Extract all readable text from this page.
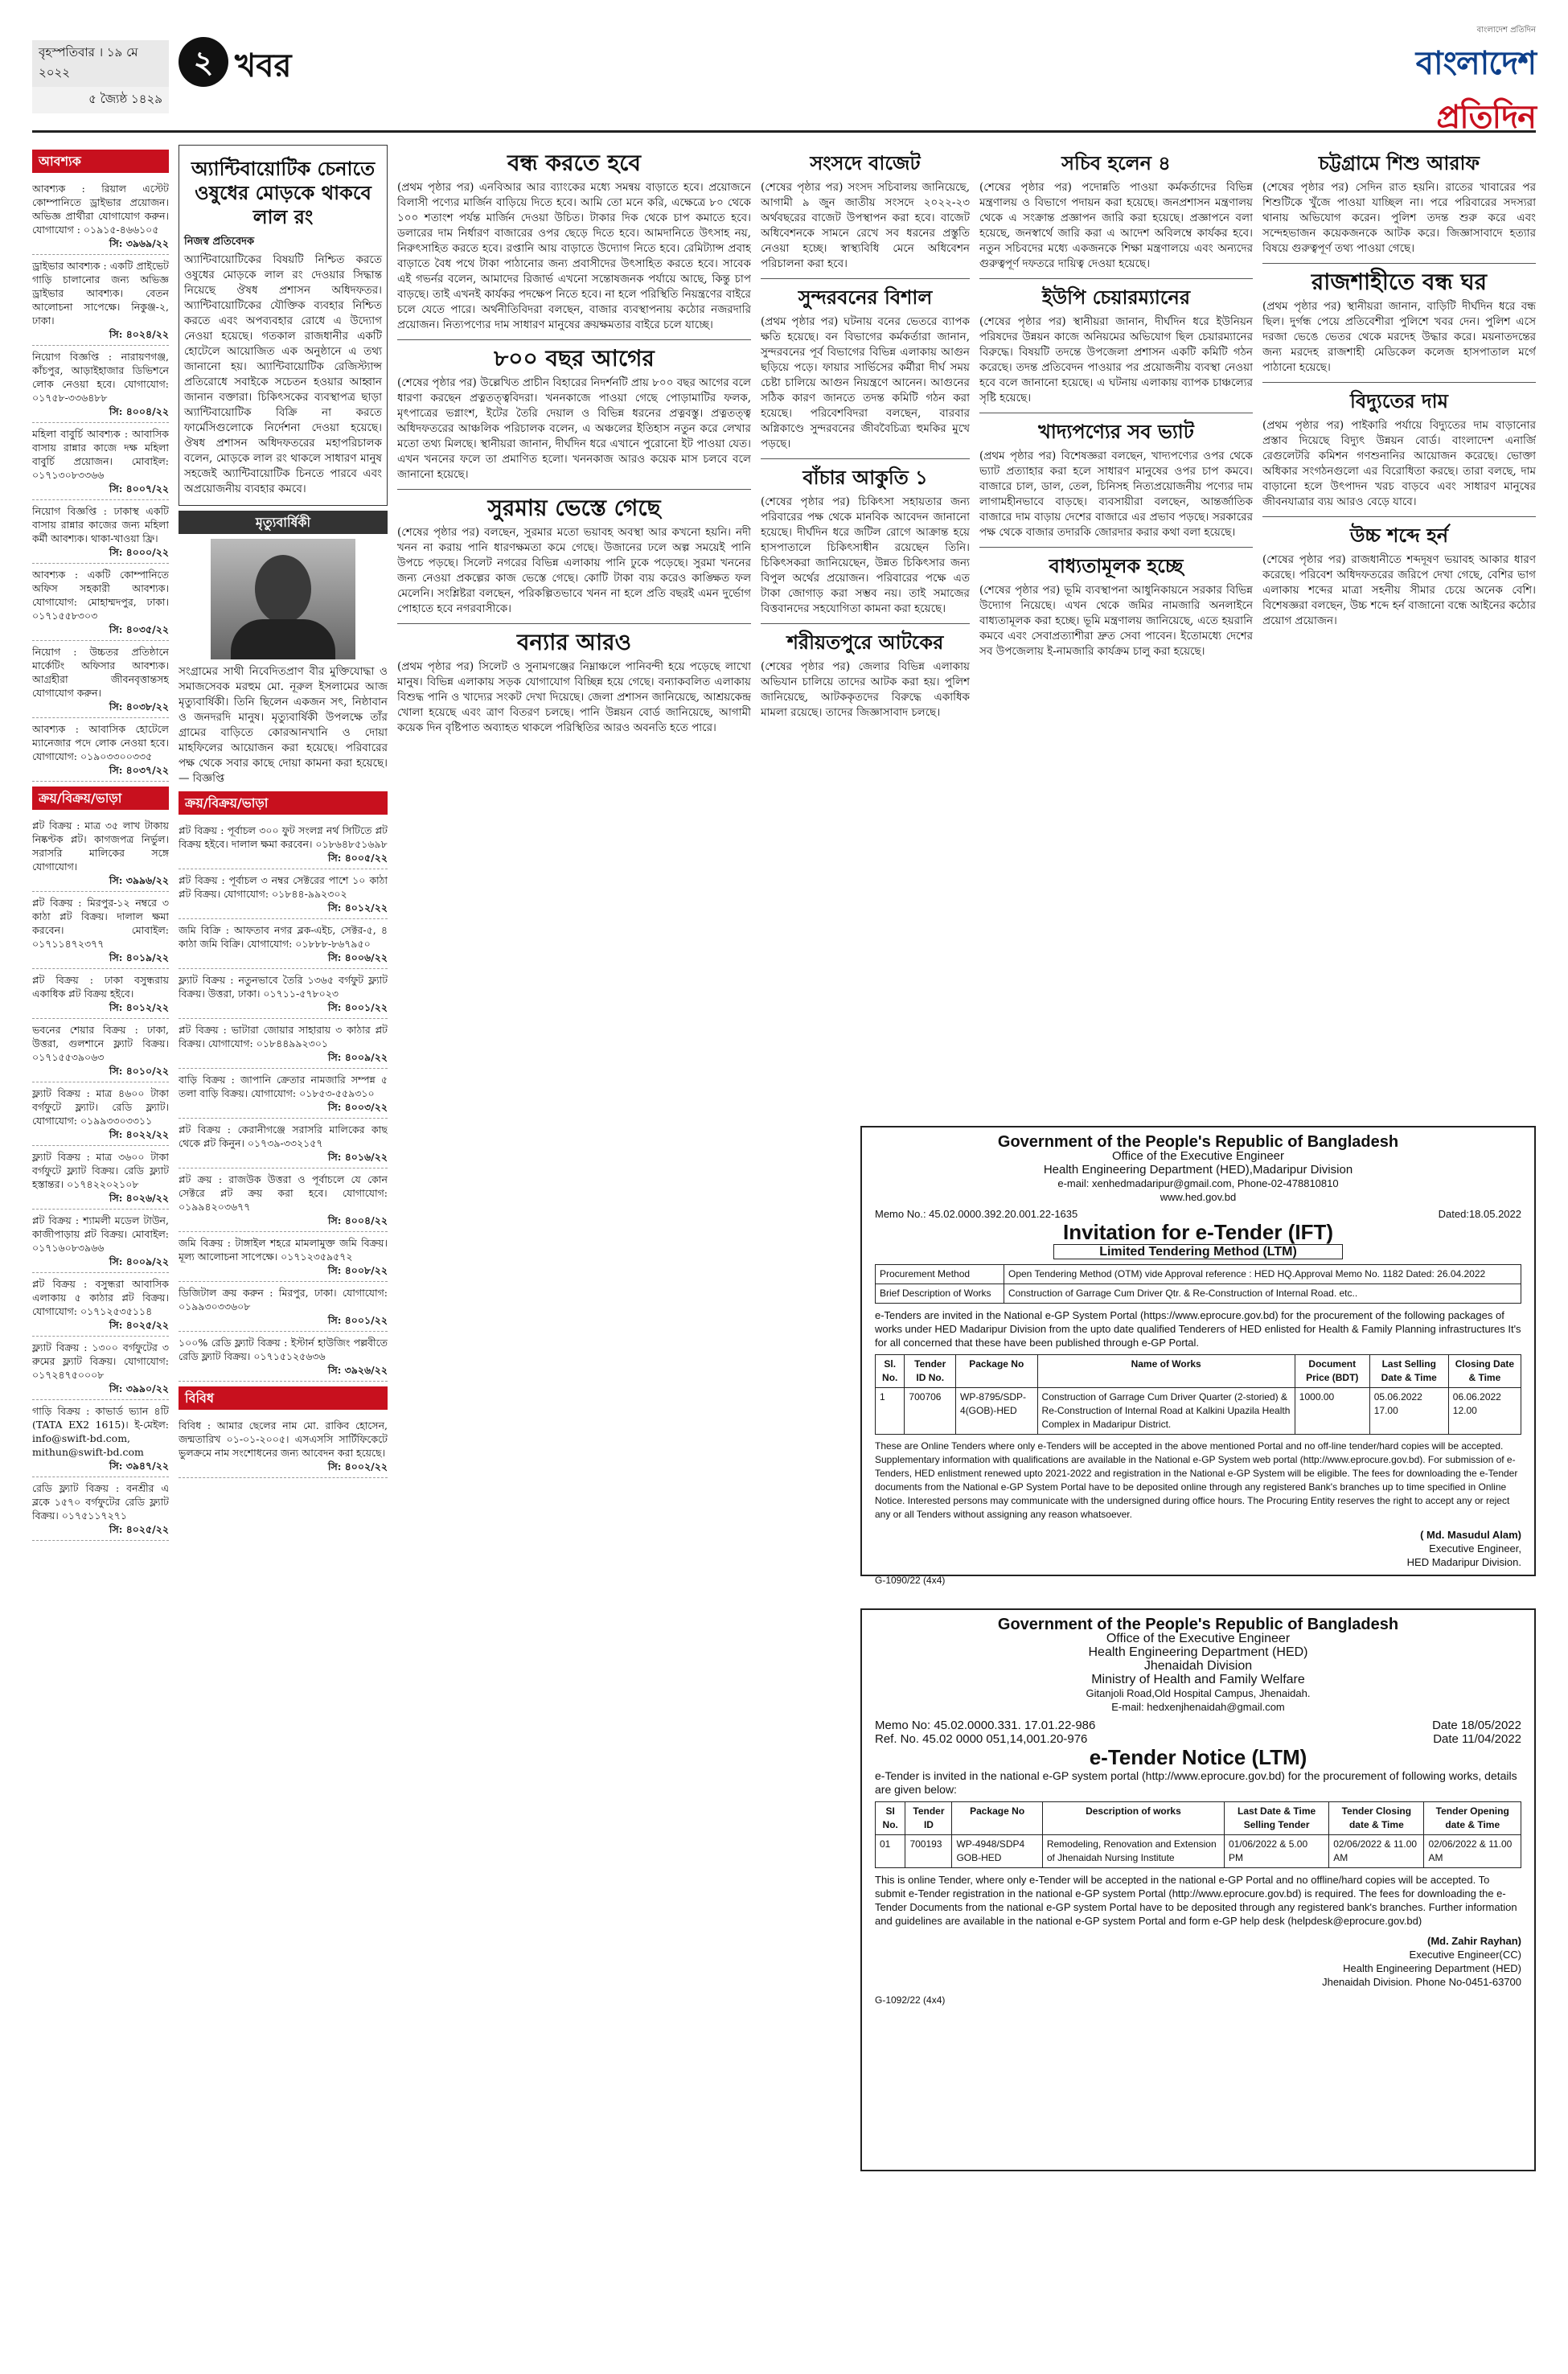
বৃহস্পতিবার । ১৯ মে ২০২২
৫ জ্যৈষ্ঠ ১৪২৯
২ খবর
বাংলাদেশ প্রতিদিন
বাংলাদেশ প্রতিদিন
আবশ্যক
আবশ্যক : রিয়াল এস্টেট কোম্পানিতে ড্রাইভার প্রয়োজন। অভিজ্ঞ প্রার্থীরা যোগাযোগ করুন। যোগাযোগ : ০১৯১৫-৪৬৬১০৫
সি: ৩৯৬৯/২২
ড্রাইভার আবশ্যক : একটি প্রাইভেট গাড়ি চালানোর জন্য অভিজ্ঞ ড্রাইভার আবশ্যক। বেতন আলোচনা সাপেক্ষে। নিকুঞ্জ-২, ঢাকা।
সি: ৪০২৪/২২
নিয়োগ বিজ্ঞপ্তি : নারায়ণগঞ্জ, কাঁচপুর, আড়াইহাজার ডিভিশনে লোক নেওয়া হবে। যোগাযোগ: ০১৭৫৮-৩৩৬৪৮৮
সি: ৪০০৪/২২
মহিলা বাবুর্চি আবশ্যক : আবাসিক বাসায় রান্নার কাজে দক্ষ মহিলা বাবুর্চি প্রয়োজন। মোবাইল: ০১৭১৩০৮৩৩৬৬
সি: ৪০০৭/২২
নিয়োগ বিজ্ঞপ্তি : ঢাকাস্থ একটি বাসায় রান্নার কাজের জন্য মহিলা কর্মী আবশ্যক। থাকা-খাওয়া ফ্রি।
সি: ৪০০০/২২
আবশ্যক : একটি কোম্পানিতে অফিস সহকারী আবশ্যক। যোগাযোগ: মোহাম্মদপুর, ঢাকা। ০১৭১৫৫৮৩০৩
সি: ৪০৩৫/২২
নিয়োগ : উচ্চতর প্রতিষ্ঠানে মার্কেটিং অফিসার আবশ্যক। আগ্রহীরা জীবনবৃত্তান্তসহ যোগাযোগ করুন।
সি: ৪০৩৮/২২
আবশ্যক : আবাসিক হোটেলে ম্যানেজার পদে লোক নেওয়া হবে। যোগাযোগ: ০১৯০৩৩০০৩৩৫
সি: ৪০৩৭/২২
ক্রয়/বিক্রয়/ভাড়া
প্লট বিক্রয় : মাত্র ৩৫ লাখ টাকায় নিষ্কণ্টক প্লট। কাগজপত্র নির্ভুল। সরাসরি মালিকের সঙ্গে যোগাযোগ।
সি: ৩৯৯৬/২২
প্লট বিক্রয় : মিরপুর-১২ নম্বরে ৩ কাঠা প্লট বিক্রয়। দালাল ক্ষমা করবেন। মোবাইল: ০১৭১১৪৭২৩৭৭
সি: ৪০১৯/২২
প্লট বিক্রয় : ঢাকা বসুন্ধরায় একাধিক প্লট বিক্রয় হইবে।
সি: ৪০১২/২২
ভবনের শেয়ার বিক্রয় : ঢাকা, উত্তরা, গুলশানে ফ্ল্যাট বিক্রয়। ০১৭১৫৫৩৯০৬৩
সি: ৪০১০/২২
ফ্ল্যাট বিক্রয় : মাত্র ৪৬০০ টাকা বর্গফুটে ফ্ল্যাট। রেডি ফ্ল্যাট। যোগাযোগ: ০১৯৯৩৩০৩৩১১
সি: ৪০২২/২২
ফ্ল্যাট বিক্রয় : মাত্র ৩৬০০ টাকা বর্গফুটে ফ্ল্যাট বিক্রয়। রেডি ফ্ল্যাট হস্তান্তর। ০১৭৪২২০২১০৮
সি: ৪০২৬/২২
প্লট বিক্রয় : শ্যামলী মডেল টাউন, কাজীপাড়ায় প্লট বিক্রয়। মোবাইল: ০১৭১৬০৮৩৯৬৬
সি: ৪০০৯/২২
প্লট বিক্রয় : বসুন্ধরা আবাসিক এলাকায় ৫ কাঠার প্লট বিক্রয়। যোগাযোগ: ০১৭১২৫৩৫১১৪
সি: ৪০২৫/২২
ফ্ল্যাট বিক্রয় : ১৩০০ বর্গফুটের ৩ রুমের ফ্ল্যাট বিক্রয়। যোগাযোগ: ০১৭২৪৭৫০০০৮
সি: ৩৯৯০/২২
গাড়ি বিক্রয় : কাভার্ড ভ্যান ৪টি (TATA EX2 1615)। ই-মেইল: info@swift-bd.com, mithun@swift-bd.com
সি: ৩৯৪৭/২২
রেডি ফ্ল্যাট বিক্রয় : বনশ্রীর এ ব্লকে ১৫৭০ বর্গফুটের রেডি ফ্ল্যাট বিক্রয়। ০১৭৫১১৭২৭১
সি: ৪০২৫/২২
অ্যান্টিবায়োটিক চেনাতে ওষুধের মোড়কে থাকবে লাল রং
নিজস্ব প্রতিবেদক

অ্যান্টিবায়োটিকের বিষয়টি নিশ্চিত করতে ওষুধের মোড়কে লাল রং দেওয়ার সিদ্ধান্ত নিয়েছে ঔষধ প্রশাসন অধিদফতর। অ্যান্টিবায়োটিকের যৌক্তিক ব্যবহার নিশ্চিত করতে এবং অপব্যবহার রোধে এ উদ্যোগ নেওয়া হয়েছে। গতকাল রাজধানীর একটি হোটেলে আয়োজিত এক অনুষ্ঠানে এ তথ্য জানানো হয়। অ্যান্টিবায়োটিক রেজিস্ট্যান্স প্রতিরোধে সবাইকে সচেতন হওয়ার আহ্বান জানান বক্তারা। চিকিৎসকের ব্যবস্থাপত্র ছাড়া অ্যান্টিবায়োটিক বিক্রি না করতে ফার্মেসিগুলোকে নির্দেশনা দেওয়া হয়েছে। ঔষধ প্রশাসন অধিদফতরের মহাপরিচালক বলেন, মোড়কে লাল রং থাকলে সাধারণ মানুষ সহজেই অ্যান্টিবায়োটিক চিনতে পারবে এবং অপ্রয়োজনীয় ব্যবহার কমবে।

মৃত্যুবার্ষিকী

সংগ্রামের সাথী নিবেদিতপ্রাণ বীর মুক্তিযোদ্ধা ও সমাজসেবক মরহুম মো. নূরুল ইসলামের আজ মৃত্যুবার্ষিকী। তিনি ছিলেন একজন সৎ, নিষ্ঠাবান ও জনদরদি মানুষ। মৃত্যুবার্ষিকী উপলক্ষে তাঁর গ্রামের বাড়িতে কোরআনখানি ও দোয়া মাহফিলের আয়োজন করা হয়েছে। পরিবারের পক্ষ থেকে সবার কাছে দোয়া কামনা করা হয়েছে। — বিজ্ঞপ্তি

ক্রয়/বিক্রয়/ভাড়া
প্লট বিক্রয় : পূর্বাচল ৩০০ ফুট সংলগ্ন নর্থ সিটিতে প্লট বিক্রয় হইবে। দালাল ক্ষমা করবেন। ০১৮৬৪৮৫১৬৯৮
সি: ৪০০৫/২২
প্লট বিক্রয় : পূর্বাচল ৩ নম্বর সেক্টরের পাশে ১০ কাঠা প্লট বিক্রয়। যোগাযোগ: ০১৮৪৪-৯৯২৩০২
সি: ৪০১২/২২
জমি বিক্রি : আফতাব নগর ব্লক-এইচ, সেক্টর-৫, ৪ কাঠা জমি বিক্রি। যোগাযোগ: ০১৮৮৮-৮৬৭৯৫০
সি: ৪০০৬/২২
ফ্ল্যাট বিক্রয় : নতুনভাবে তৈরি ১৩৬৫ বর্গফুট ফ্ল্যাট বিক্রয়। উত্তরা, ঢাকা। ০১৭১১-৫৭৮০২৩
সি: ৪০০১/২২
প্লট বিক্রয় : ভাটারা জোয়ার সাহারায় ৩ কাঠার প্লট বিক্রয়। যোগাযোগ: ০১৮৪৪৯৯২৩০১
সি: ৪০০৯/২২
বাড়ি বিক্রয় : জাপানি ক্রেতার নামজারি সম্পন্ন ৫ তলা বাড়ি বিক্রয়। যোগাযোগ: ০১৮৫৩-৫৫৯৩১০
সি: ৪০০৩/২২
প্লট বিক্রয় : কেরানীগঞ্জে সরাসরি মালিকের কাছ থেকে প্লট কিনুন। ০১৭৩৯-৩৩২১৫৭
সি: ৪০১৬/২২
প্লট ক্রয় : রাজউক উত্তরা ও পূর্বাচলে যে কোন সেক্টরে প্লট ক্রয় করা হবে। যোগাযোগ: ০১৯৯৪২০৩৬৭৭
সি: ৪০০৪/২২
জমি বিক্রয় : টাঙ্গাইল শহরে মামলামুক্ত জমি বিক্রয়। মূল্য আলোচনা সাপেক্ষে। ০১৭১২৩৫৯৫৭২
সি: ৪০০৮/২২
ডিজিটাল ক্রয় করুন : মিরপুর, ঢাকা। যোগাযোগ: ০১৯৯৩০৩৩৬০৮
সি: ৪০০১/২২
১০০% রেডি ফ্ল্যাট বিক্রয় : ইস্টার্ন হাউজিং পল্লবীতে রেডি ফ্ল্যাট বিক্রয়। ০১৭১৫১২৫৬৩৬
সি: ৩৯২৬/২২
বিবিধ
বিবিধ : আমার ছেলের নাম মো. রাকিব হোসেন, জন্মতারিখ ০১-০১-২০০৫। এসএসসি সার্টিফিকেটে ভুলক্রমে নাম সংশোধনের জন্য আবেদন করা হয়েছে।
সি: ৪০০২/২২
বন্ধ করতে হবে

(প্রথম পৃষ্ঠার পর) এনবিআর আর ব্যাংকের মধ্যে সমন্বয় বাড়াতে হবে। প্রয়োজনে বিলাসী পণ্যের মার্জিন বাড়িয়ে দিতে হবে। আমি তো মনে করি, এক্ষেত্রে ৮০ থেকে ১০০ শতাংশ পর্যন্ত মার্জিন দেওয়া উচিত। টাকার দিক থেকে চাপ কমাতে হবে। ডলারের দাম নির্ধারণ বাজারের ওপর ছেড়ে দিতে হবে। আমদানিতে উৎসাহ নয়, নিরুৎসাহিত করতে হবে। রপ্তানি আয় বাড়াতে উদ্যোগ নিতে হবে। রেমিট্যান্স প্রবাহ বাড়াতে বৈধ পথে টাকা পাঠানোর জন্য প্রবাসীদের উৎসাহিত করতে হবে। সাবেক এই গভর্নর বলেন, আমাদের রিজার্ভ এখনো সন্তোষজনক পর্যায়ে আছে, কিন্তু চাপ বাড়ছে। তাই এখনই কার্যকর পদক্ষেপ নিতে হবে। না হলে পরিস্থিতি নিয়ন্ত্রণের বাইরে চলে যেতে পারে। অর্থনীতিবিদরা বলছেন, বাজার ব্যবস্থাপনায় কঠোর নজরদারি প্রয়োজন। নিত্যপণ্যের দাম সাধারণ মানুষের ক্রয়ক্ষমতার বাইরে চলে যাচ্ছে।

৮০০ বছর আগের

(শেষের পৃষ্ঠার পর) উল্লেখিত প্রাচীন বিহারের নিদর্শনটি প্রায় ৮০০ বছর আগের বলে ধারণা করছেন প্রত্নতত্ত্ববিদরা। খননকাজে পাওয়া গেছে পোড়ামাটির ফলক, মৃৎপাত্রের ভগ্নাংশ, ইটের তৈরি দেয়াল ও বিভিন্ন ধরনের প্রত্নবস্তু। প্রত্নতত্ত্ব অধিদফতরের আঞ্চলিক পরিচালক বলেন, এ অঞ্চলের ইতিহাস নতুন করে লেখার মতো তথ্য মিলছে। স্থানীয়রা জানান, দীর্ঘদিন ধরে এখানে পুরোনো ইট পাওয়া যেত। এখন খননের ফলে তা প্রমাণিত হলো। খননকাজ আরও কয়েক মাস চলবে বলে জানানো হয়েছে।

সুরমায় ভেস্তে গেছে

(শেষের পৃষ্ঠার পর) বলছেন, সুরমার মতো ভয়াবহ অবস্থা আর কখনো হয়নি। নদী খনন না করায় পানি ধারণক্ষমতা কমে গেছে। উজানের ঢলে অল্প সময়েই পানি উপচে পড়ছে। সিলেট নগরের বিভিন্ন এলাকায় পানি ঢুকে পড়েছে। সুরমা খননের জন্য নেওয়া প্রকল্পের কাজ ভেস্তে গেছে। কোটি টাকা ব্যয় করেও কাঙ্ক্ষিত ফল মেলেনি। সংশ্লিষ্টরা বলছেন, পরিকল্পিতভাবে খনন না হলে প্রতি বছরই এমন দুর্ভোগ পোহাতে হবে নগরবাসীকে।

বন্যার আরও

(প্রথম পৃষ্ঠার পর) সিলেট ও সুনামগঞ্জের নিম্নাঞ্চলে পানিবন্দী হয়ে পড়েছে লাখো মানুষ। বিভিন্ন এলাকায় সড়ক যোগাযোগ বিচ্ছিন্ন হয়ে গেছে। বন্যাকবলিত এলাকায় বিশুদ্ধ পানি ও খাদ্যের সংকট দেখা দিয়েছে। জেলা প্রশাসন জানিয়েছে, আশ্রয়কেন্দ্র খোলা হয়েছে এবং ত্রাণ বিতরণ চলছে। পানি উন্নয়ন বোর্ড জানিয়েছে, আগামী কয়েক দিন বৃষ্টিপাত অব্যাহত থাকলে পরিস্থিতির আরও অবনতি হতে পারে।

সংসদে বাজেট

(শেষের পৃষ্ঠার পর) সংসদ সচিবালয় জানিয়েছে, আগামী ৯ জুন জাতীয় সংসদে ২০২২-২৩ অর্থবছরের বাজেট উপস্থাপন করা হবে। বাজেট অধিবেশনকে সামনে রেখে সব ধরনের প্রস্তুতি নেওয়া হচ্ছে। স্বাস্থ্যবিধি মেনে অধিবেশন পরিচালনা করা হবে।

সুন্দরবনের বিশাল

(প্রথম পৃষ্ঠার পর) ঘটনায় বনের ভেতরে ব্যাপক ক্ষতি হয়েছে। বন বিভাগের কর্মকর্তারা জানান, সুন্দরবনের পূর্ব বিভাগের বিভিন্ন এলাকায় আগুন ছড়িয়ে পড়ে। ফায়ার সার্ভিসের কর্মীরা দীর্ঘ সময় চেষ্টা চালিয়ে আগুন নিয়ন্ত্রণে আনেন। আগুনের সঠিক কারণ জানতে তদন্ত কমিটি গঠন করা হয়েছে। পরিবেশবিদরা বলছেন, বারবার অগ্নিকাণ্ডে সুন্দরবনের জীববৈচিত্র্য হুমকির মুখে পড়ছে।

বাঁচার আকুতি ১

(শেষের পৃষ্ঠার পর) চিকিৎসা সহায়তার জন্য পরিবারের পক্ষ থেকে মানবিক আবেদন জানানো হয়েছে। দীর্ঘদিন ধরে জটিল রোগে আক্রান্ত হয়ে হাসপাতালে চিকিৎসাধীন রয়েছেন তিনি। চিকিৎসকরা জানিয়েছেন, উন্নত চিকিৎসার জন্য বিপুল অর্থের প্রয়োজন। পরিবারের পক্ষে এত টাকা জোগাড় করা সম্ভব নয়। তাই সমাজের বিত্তবানদের সহযোগিতা কামনা করা হয়েছে।

শরীয়তপুরে আটকের

(শেষের পৃষ্ঠার পর) জেলার বিভিন্ন এলাকায় অভিযান চালিয়ে তাদের আটক করা হয়। পুলিশ জানিয়েছে, আটককৃতদের বিরুদ্ধে একাধিক মামলা রয়েছে। তাদের জিজ্ঞাসাবাদ চলছে।

সচিব হলেন ৪

(শেষের পৃষ্ঠার পর) পদোন্নতি পাওয়া কর্মকর্তাদের বিভিন্ন মন্ত্রণালয় ও বিভাগে পদায়ন করা হয়েছে। জনপ্রশাসন মন্ত্রণালয় থেকে এ সংক্রান্ত প্রজ্ঞাপন জারি করা হয়েছে। প্রজ্ঞাপনে বলা হয়েছে, জনস্বার্থে জারি করা এ আদেশ অবিলম্বে কার্যকর হবে। নতুন সচিবদের মধ্যে একজনকে শিক্ষা মন্ত্রণালয়ে এবং অন্যদের গুরুত্বপূর্ণ দফতরে দায়িত্ব দেওয়া হয়েছে।

ইউপি চেয়ারম্যানের

(শেষের পৃষ্ঠার পর) স্থানীয়রা জানান, দীর্ঘদিন ধরে ইউনিয়ন পরিষদের উন্নয়ন কাজে অনিয়মের অভিযোগ ছিল চেয়ারম্যানের বিরুদ্ধে। বিষয়টি তদন্তে উপজেলা প্রশাসন একটি কমিটি গঠন করেছে। তদন্ত প্রতিবেদন পাওয়ার পর প্রয়োজনীয় ব্যবস্থা নেওয়া হবে বলে জানানো হয়েছে। এ ঘটনায় এলাকায় ব্যাপক চাঞ্চল্যের সৃষ্টি হয়েছে।

খাদ্যপণ্যের সব ভ্যাট

(প্রথম পৃষ্ঠার পর) বিশেষজ্ঞরা বলছেন, খাদ্যপণ্যের ওপর থেকে ভ্যাট প্রত্যাহার করা হলে সাধারণ মানুষের ওপর চাপ কমবে। বাজারে চাল, ডাল, তেল, চিনিসহ নিত্যপ্রয়োজনীয় পণ্যের দাম লাগামহীনভাবে বাড়ছে। ব্যবসায়ীরা বলছেন, আন্তর্জাতিক বাজারে দাম বাড়ায় দেশের বাজারে এর প্রভাব পড়ছে। সরকারের পক্ষ থেকে বাজার তদারকি জোরদার করার কথা বলা হয়েছে।

বাধ্যতামূলক হচ্ছে

(শেষের পৃষ্ঠার পর) ভূমি ব্যবস্থাপনা আধুনিকায়নে সরকার বিভিন্ন উদ্যোগ নিয়েছে। এখন থেকে জমির নামজারি অনলাইনে বাধ্যতামূলক করা হচ্ছে। ভূমি মন্ত্রণালয় জানিয়েছে, এতে হয়রানি কমবে এবং সেবাপ্রত্যাশীরা দ্রুত সেবা পাবেন। ইতোমধ্যে দেশের সব উপজেলায় ই-নামজারি কার্যক্রম চালু করা হয়েছে।

চট্টগ্রামে শিশু আরাফ

(শেষের পৃষ্ঠার পর) সেদিন রাত হয়নি। রাতের খাবারের পর শিশুটিকে খুঁজে পাওয়া যাচ্ছিল না। পরে পরিবারের সদস্যরা থানায় অভিযোগ করেন। পুলিশ তদন্ত শুরু করে এবং সন্দেহভাজন কয়েকজনকে আটক করে। জিজ্ঞাসাবাদে হত্যার বিষয়ে গুরুত্বপূর্ণ তথ্য পাওয়া গেছে।

রাজশাহীতে বন্ধ ঘর

(প্রথম পৃষ্ঠার পর) স্থানীয়রা জানান, বাড়িটি দীর্ঘদিন ধরে বন্ধ ছিল। দুর্গন্ধ পেয়ে প্রতিবেশীরা পুলিশে খবর দেন। পুলিশ এসে দরজা ভেঙে ভেতর থেকে মরদেহ উদ্ধার করে। ময়নাতদন্তের জন্য মরদেহ রাজশাহী মেডিকেল কলেজ হাসপাতাল মর্গে পাঠানো হয়েছে।

বিদ্যুতের দাম

(প্রথম পৃষ্ঠার পর) পাইকারি পর্যায়ে বিদ্যুতের দাম বাড়ানোর প্রস্তাব দিয়েছে বিদ্যুৎ উন্নয়ন বোর্ড। বাংলাদেশ এনার্জি রেগুলেটরি কমিশন গণশুনানির আয়োজন করেছে। ভোক্তা অধিকার সংগঠনগুলো এর বিরোধিতা করছে। তারা বলছে, দাম বাড়ানো হলে উৎপাদন খরচ বাড়বে এবং সাধারণ মানুষের জীবনযাত্রার ব্যয় আরও বেড়ে যাবে।

উচ্চ শব্দে হর্ন

(শেষের পৃষ্ঠার পর) রাজধানীতে শব্দদূষণ ভয়াবহ আকার ধারণ করেছে। পরিবেশ অধিদফতরের জরিপে দেখা গেছে, বেশির ভাগ এলাকায় শব্দের মাত্রা সহনীয় সীমার চেয়ে অনেক বেশি। বিশেষজ্ঞরা বলছেন, উচ্চ শব্দে হর্ন বাজানো বন্ধে আইনের কঠোর প্রয়োগ প্রয়োজন।

Government of the People's Republic of Bangladesh
Office of the Executive Engineer
Health Engineering Department (HED),Madaripur Division
e-mail: xenhedmadaripur@gmail.com, Phone-02-478810810
www.hed.gov.bd
Memo No.: 45.02.0000.392.20.001.22-1635	Dated:18.05.2022
Invitation for e-Tender (IFT)
Limited Tendering Method (LTM)
Procurement Method	Open Tendering Method (OTM) vide Approval reference : HED HQ.Approval Memo No. 1182 Dated: 26.04.2022
Brief Description of Works	Construction of Garrage Cum Driver Qtr. & Re-Construction of Internal Road. etc..

e-Tenders are invited in the National e-GP System Portal (https://www.eprocure.gov.bd) for the procurement of the following packages of works under HED Madaripur Division from the upto date qualified Tenderers of HED enlisted for Health & Family Planning infrastructures It's for all concerned that these have been published through e-GP Portal.

Sl. No.	Tender ID No.	Package No	Name of Works	Document Price (BDT)	Last Selling Date & Time	Closing Date & Time
1	700706	WP-8795/SDP-4(GOB)-HED	Construction of Garrage Cum Driver Quarter (2-storied) & Re-Construction of Internal Road at Kalkini Upazila Health Complex in Madaripur District.	1000.00	05.06.2022 17.00	06.06.2022 12.00

These are Online Tenders where only e-Tenders will be accepted in the above mentioned Portal and no off-line tender/hard copies will be accepted. Supplementary information with qualifications are available in the National e-GP System web portal (http://www.eprocure.gov.bd). For submission of e-Tenders, HED enlistment renewed upto 2021-2022 and registration in the National e-GP System will be eligible. The fees for downloading the e-Tender documents from the National e-GP System Portal have to be deposited online through any registered Bank's branches up to time specified in Online Notice. Interested persons may communicate with the undersigned during office hours. The Procuring Entity reserves the right to accept any or reject any or all Tenders without assigning any reason whatsoever.

( Md. Masudul Alam)
Executive Engineer,
HED Madaripur Division.
G-1090/22 (4x4)
Government of the People's Republic of Bangladesh
Office of the Executive Engineer
Health Engineering Department (HED)
Jhenaidah Division
Ministry of Health and Family Welfare
Gitanjoli Road,Old Hospital Campus, Jhenaidah.
E-mail: hedxenjhenaidah@gmail.com
Memo No: 45.02.0000.331. 17.01.22-986	Date 18/05/2022
Ref. No. 45.02 0000 051,14,001.20-976	Date 11/04/2022
e-Tender Notice (LTM)

e-Tender is invited in the national e-GP system portal (http://www.eprocure.gov.bd) for the procurement of following works, details are given below:

SI No.	Tender ID	Package No	Description of works	Last Date & Time Selling Tender	Tender Closing date & Time	Tender Opening date & Time
01	700193	WP-4948/SDP4 GOB-HED	Remodeling, Renovation and Extension of Jhenaidah Nursing Institute	01/06/2022 & 5.00 PM	02/06/2022 & 11.00 AM	02/06/2022 & 11.00 AM

This is online Tender, where only e-Tender will be accepted in the national e-GP Portal and no offline/hard copies will be accepted. To submit e-Tender registration in the national e-GP system Portal (http://www.eprocure.gov.bd) is required. The fees for downloading the e-Tender Documents from the national e-GP system Portal have to be deposited through any registered bank's branches. Further information and guidelines are available in the national e-GP system Portal and form e-GP help desk (helpdesk@eprocure.gov.bd)

(Md. Zahir Rayhan)
Executive Engineer(CC)
Health Engineering Department (HED)
Jhenaidah Division. Phone No-0451-63700
G-1092/22 (4x4)
